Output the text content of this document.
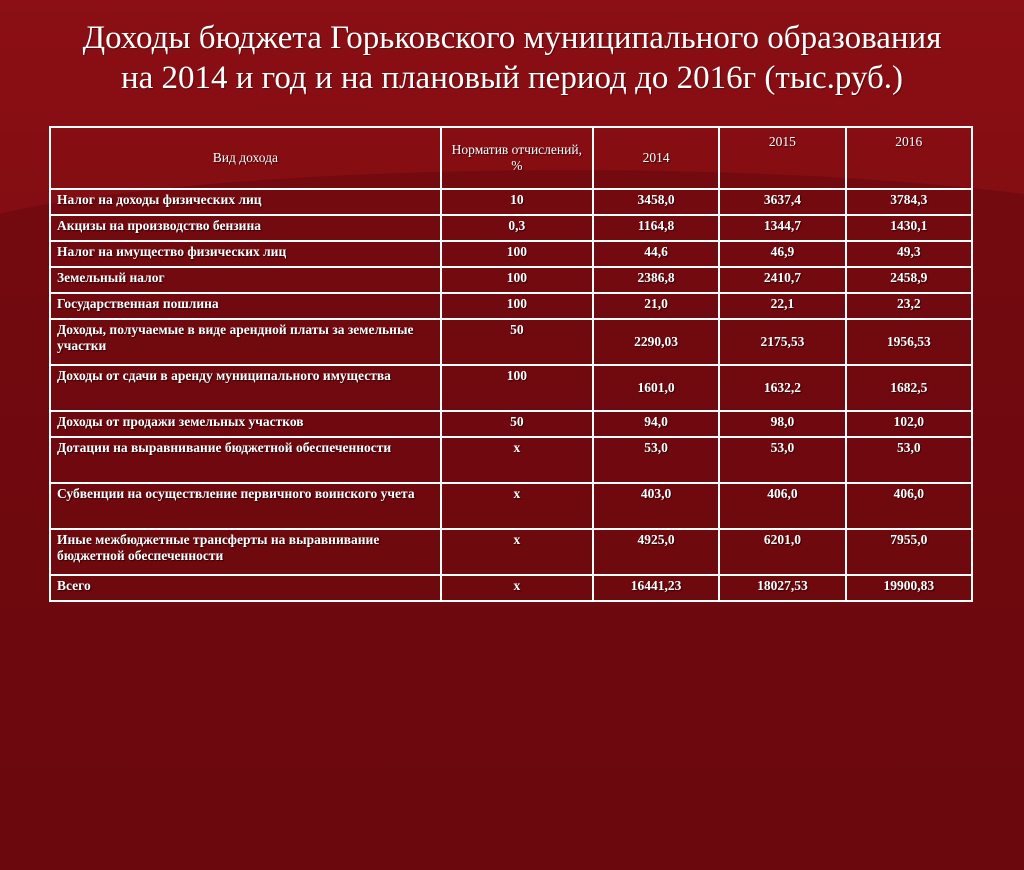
Доходы бюджета Горьковского муниципального образования
на 2014 и год и на плановый период до 2016г (тыс.руб.)
Вид дохода	Норматив отчислений, %	2014	2015	2016
Налог на доходы физических лиц	10	3458,0	3637,4	3784,3
Акцизы на производство бензина	0,3	1164,8	1344,7	1430,1
Налог на имущество физических лиц	100	44,6	46,9	49,3
Земельный налог	100	2386,8	2410,7	2458,9
Государственная пошлина	100	21,0	22,1	23,2
Доходы, получаемые в виде арендной платы за земельные участки	50	2290,03	2175,53	1956,53
Доходы от сдачи в аренду муниципального имущества	100	1601,0	1632,2	1682,5
Доходы от продажи земельных участков	50	94,0	98,0	102,0
Дотации на выравнивание бюджетной обеспеченности	х	53,0	53,0	53,0
Субвенции на осуществление первичного воинского учета	х	403,0	406,0	406,0
Иные межбюджетные трансферты на выравнивание бюджетной обеспеченности	х	4925,0	6201,0	7955,0
Всего	х	16441,23	18027,53	19900,83
